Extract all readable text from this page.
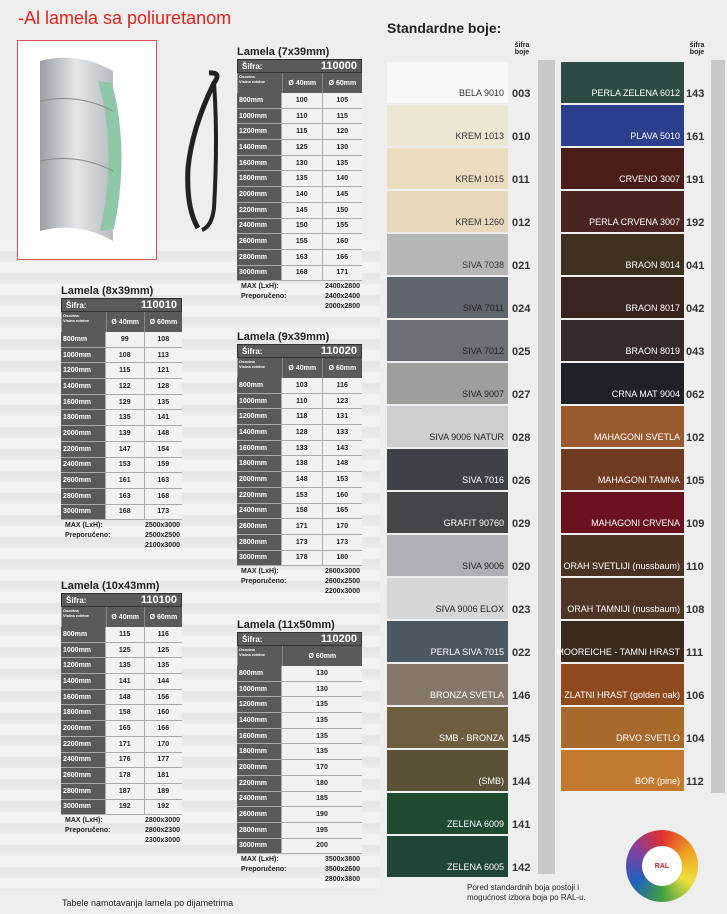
-Al lamela sa poliuretanom
Lamela (7x39mm)
Šifra:	110000
Osovina
Visina roletne	Ø 40mm	Ø 60mm
800mm	100	105
1000mm	110	115
1200mm	115	120
1400mm	125	130
1600mm	130	135
1800mm	135	140
2000mm	140	145
2200mm	145	150
2400mm	150	155
2600mm	155	160
2800mm	163	166
3000mm	168	171
MAX (LxH):	2400x2800
Preporučeno:	2400x2400
2000x2800
Lamela (8x39mm)
Šifra:	110010
Osovina
Visina roletne	Ø 40mm	Ø 60mm
800mm	99	108
1000mm	108	113
1200mm	115	121
1400mm	122	128
1600mm	129	135
1800mm	135	141
2000mm	139	148
2200mm	147	154
2400mm	153	159
2600mm	161	163
2800mm	163	168
3000mm	168	173
MAX (LxH):	2500x3000
Preporučeno:	2500x2500
2100x3000
Lamela (9x39mm)
Šifra:	110020
Osovina
Visina roletne	Ø 40mm	Ø 60mm
800mm	103	116
1000mm	110	123
1200mm	118	131
1400mm	128	133
1600mm	133	143
1800mm	138	148
2000mm	148	153
2200mm	153	160
2400mm	158	165
2600mm	171	170
2800mm	173	173
3000mm	178	180
MAX (LxH):	2600x3000
Preporučeno:	2600x2500
2200x3000
Lamela (10x43mm)
Šifra:	110100
Osovina
Visina roletne	Ø 40mm	Ø 60mm
800mm	115	116
1000mm	125	125
1200mm	135	135
1400mm	141	144
1600mm	148	156
1800mm	158	160
2000mm	165	166
2200mm	171	170
2400mm	176	177
2600mm	178	181
2800mm	187	189
3000mm	192	192
MAX (LxH):	2800x3000
Preporučeno:	2800x2300
2300x3000
Lamela (11x50mm)
Šifra:	110200
Osovina
Visina roletne	Ø 60mm
800mm	130
1000mm	130
1200mm	135
1400mm	135
1600mm	135
1800mm	135
2000mm	170
2200mm	180
2400mm	185
2600mm	190
2800mm	195
3000mm	200
MAX (LxH):	3500x3800
Preporučeno:	3500x2600
2800x3800
Standardne boje:
šifra boje
šifra boje
BELA 9010 003
KREM 1013 010
KREM 1015 011
KREM 1260 012
SIVA 7038 021
SIVA 7011 024
SIVA 7012 025
SIVA 9007 027
SIVA 9006 NATUR 028
SIVA 7016 026
GRAFIT 90760 029
SIVA 9006 020
SIVA 9006 ELOX 023
PERLA SIVA 7015 022
BRONZA SVETLA 146
SMB - BRONZA 145
(SMB) 144
ZELENA 6009 141
ZELENA 6005 142
PERLA ZELENA 6012 143
PLAVA 5010 161
CRVENO 3007 191
PERLA CRVENA 3007 192
BRAON 8014 041
BRAON 8017 042
BRAON 8019 043
CRNA MAT 9004 062
MAHAGONI SVETLA 102
MAHAGONI TAMNA 105
MAHAGONI CRVENA 109
ORAH SVETLIJI (nussbaum) 110
ORAH TAMNIJI (nussbaum) 108
MOOREICHE - TAMNI HRAST 111
ZLATNI HRAST (golden oak) 106
DRVO SVETLO 104
BOR (pine) 112
Tabele namotavanja lamela po dijametrima
Pored standardnih boja postoji i
mogućnost izbora boja po RAL-u.
RAL
